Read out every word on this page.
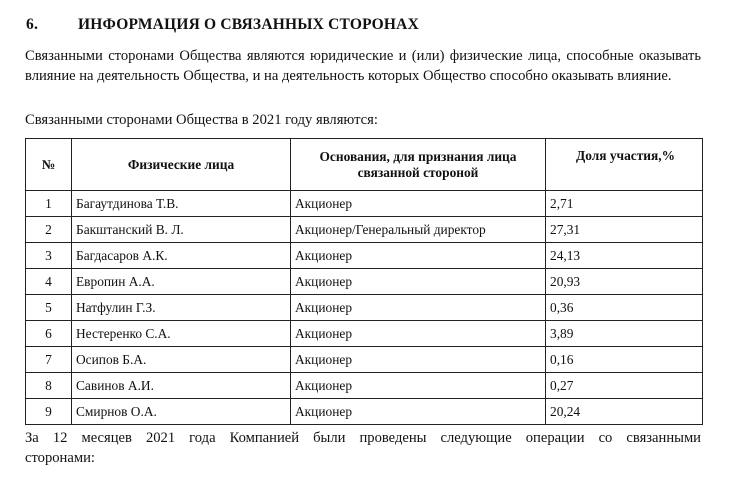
6.	ИНФОРМАЦИЯ О СВЯЗАННЫХ СТОРОНАХ
Связанными сторонами Общества являются юридические и (или) физические лица, способные оказывать влияние на деятельность Общества, и на деятельность которых Общество способно оказывать влияние.
Связанными сторонами Общества в 2021 году являются:
№	Физические лица	Основания, для признания лица связанной стороной	Доля участия,%
1	Багаутдинова Т.В.	Акционер	2,71
2	Бакштанский В. Л.	Акционер/Генеральный директор	27,31
3	Багдасаров А.К.	Акционер	24,13
4	Европин А.А.	Акционер	20,93
5	Натфулин Г.З.	Акционер	0,36
6	Нестеренко С.А.	Акционер	3,89
7	Осипов Б.А.	Акционер	0,16
8	Савинов А.И.	Акционер	0,27
9	Смирнов О.А.	Акционер	20,24
За 12 месяцев 2021 года Компанией были проведены следующие операции со связанными
сторонами:
